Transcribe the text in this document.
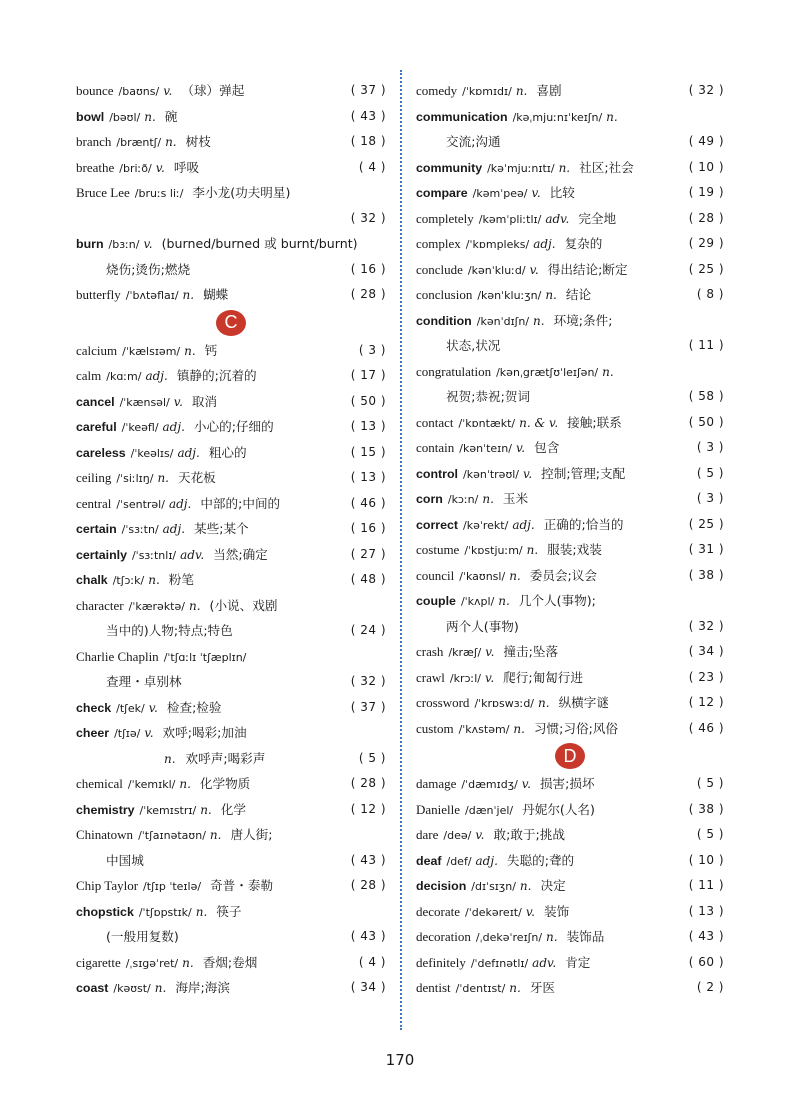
bounce /baʊns/ v. （球）弹起	( 37 )
bowl /bəʊl/ n. 碗	( 43 )
branch /bræntʃ/ n. 树枝	( 18 )
breathe /briːð/ v. 呼吸	( 4 )
Bruce Lee /bruːs liː/ 李小龙(功夫明星)
( 32 )
burn /bɜːn/ v. (burned/burned 或 burnt/burnt)
烧伤;烫伤;燃烧	( 16 )
butterfly /ˈbʌtəflaɪ/ n. 蝴蝶	( 28 )
C
calcium /ˈkælsɪəm/ n. 钙	( 3 )
calm /kɑːm/ adj. 镇静的;沉着的	( 17 )
cancel /ˈkænsəl/ v. 取消	( 50 )
careful /ˈkeəfl/ adj. 小心的;仔细的	( 13 )
careless /ˈkeəlɪs/ adj. 粗心的	( 15 )
ceiling /ˈsiːlɪŋ/ n. 天花板	( 13 )
central /ˈsentrəl/ adj. 中部的;中间的	( 46 )
certain /ˈsɜːtn/ adj. 某些;某个	( 16 )
certainly /ˈsɜːtnlɪ/ adv. 当然;确定	( 27 )
chalk /tʃɔːk/ n. 粉笔	( 48 )
character /ˈkærəktə/ n. (小说、戏剧
当中的)人物;特点;特色	( 24 )
Charlie Chaplin /ˈtʃɑːlɪ ˈtʃæplɪn/
查理・卓别林	( 32 )
check /tʃek/ v. 检查;检验	( 37 )
cheer /tʃɪə/ v. 欢呼;喝彩;加油
n. 欢呼声;喝彩声	( 5 )
chemical /ˈkemɪkl/ n. 化学物质	( 28 )
chemistry /ˈkemɪstrɪ/ n. 化学	( 12 )
Chinatown /ˈtʃaɪnətaʊn/ n. 唐人街;
中国城	( 43 )
Chip Taylor /tʃɪp ˈteɪlə/ 奇普・泰勒	( 28 )
chopstick /ˈtʃɒpstɪk/ n. 筷子
(一般用复数)	( 43 )
cigarette /ˌsɪgəˈret/ n. 香烟;卷烟	( 4 )
coast /kəʊst/ n. 海岸;海滨	( 34 )
comedy /ˈkɒmɪdɪ/ n. 喜剧	( 32 )
communication /kəˌmjuːnɪˈkeɪʃn/ n.
交流;沟通	( 49 )
community /kəˈmjuːnɪtɪ/ n. 社区;社会	( 10 )
compare /kəmˈpeə/ v. 比较	( 19 )
completely /kəmˈpliːtlɪ/ adv. 完全地	( 28 )
complex /ˈkɒmpleks/ adj. 复杂的	( 29 )
conclude /kənˈkluːd/ v. 得出结论;断定	( 25 )
conclusion /kənˈkluːʒn/ n. 结论	( 8 )
condition /kənˈdɪʃn/ n. 环境;条件;
状态,状况	( 11 )
congratulation /kənˌgrætʃʊˈleɪʃən/ n.
祝贺;恭祝;贺词	( 58 )
contact /ˈkɒntækt/ n. & v. 接触;联系	( 50 )
contain /kənˈteɪn/ v. 包含	( 3 )
control /kənˈtrəʊl/ v. 控制;管理;支配	( 5 )
corn /kɔːn/ n. 玉米	( 3 )
correct /kəˈrekt/ adj. 正确的;恰当的	( 25 )
costume /ˈkɒstjuːm/ n. 服装;戏装	( 31 )
council /ˈkaʊnsl/ n. 委员会;议会	( 38 )
couple /ˈkʌpl/ n. 几个人(事物);
两个人(事物)	( 32 )
crash /kræʃ/ v. 撞击;坠落	( 34 )
crawl /krɔːl/ v. 爬行;匍匐行进	( 23 )
crossword /ˈkrɒswɜːd/ n. 纵横字谜	( 12 )
custom /ˈkʌstəm/ n. 习惯;习俗;风俗	( 46 )
D
damage /ˈdæmɪdʒ/ v. 损害;损坏	( 5 )
Danielle /dænˈjel/ 丹妮尔(人名)	( 38 )
dare /deə/ v. 敢;敢于;挑战	( 5 )
deaf /def/ adj. 失聪的;聋的	( 10 )
decision /dɪˈsɪʒn/ n. 决定	( 11 )
decorate /ˈdekəreɪt/ v. 装饰	( 13 )
decoration /ˌdekəˈreɪʃn/ n. 装饰品	( 43 )
definitely /ˈdefɪnətlɪ/ adv. 肯定	( 60 )
dentist /ˈdentɪst/ n. 牙医	( 2 )
170
